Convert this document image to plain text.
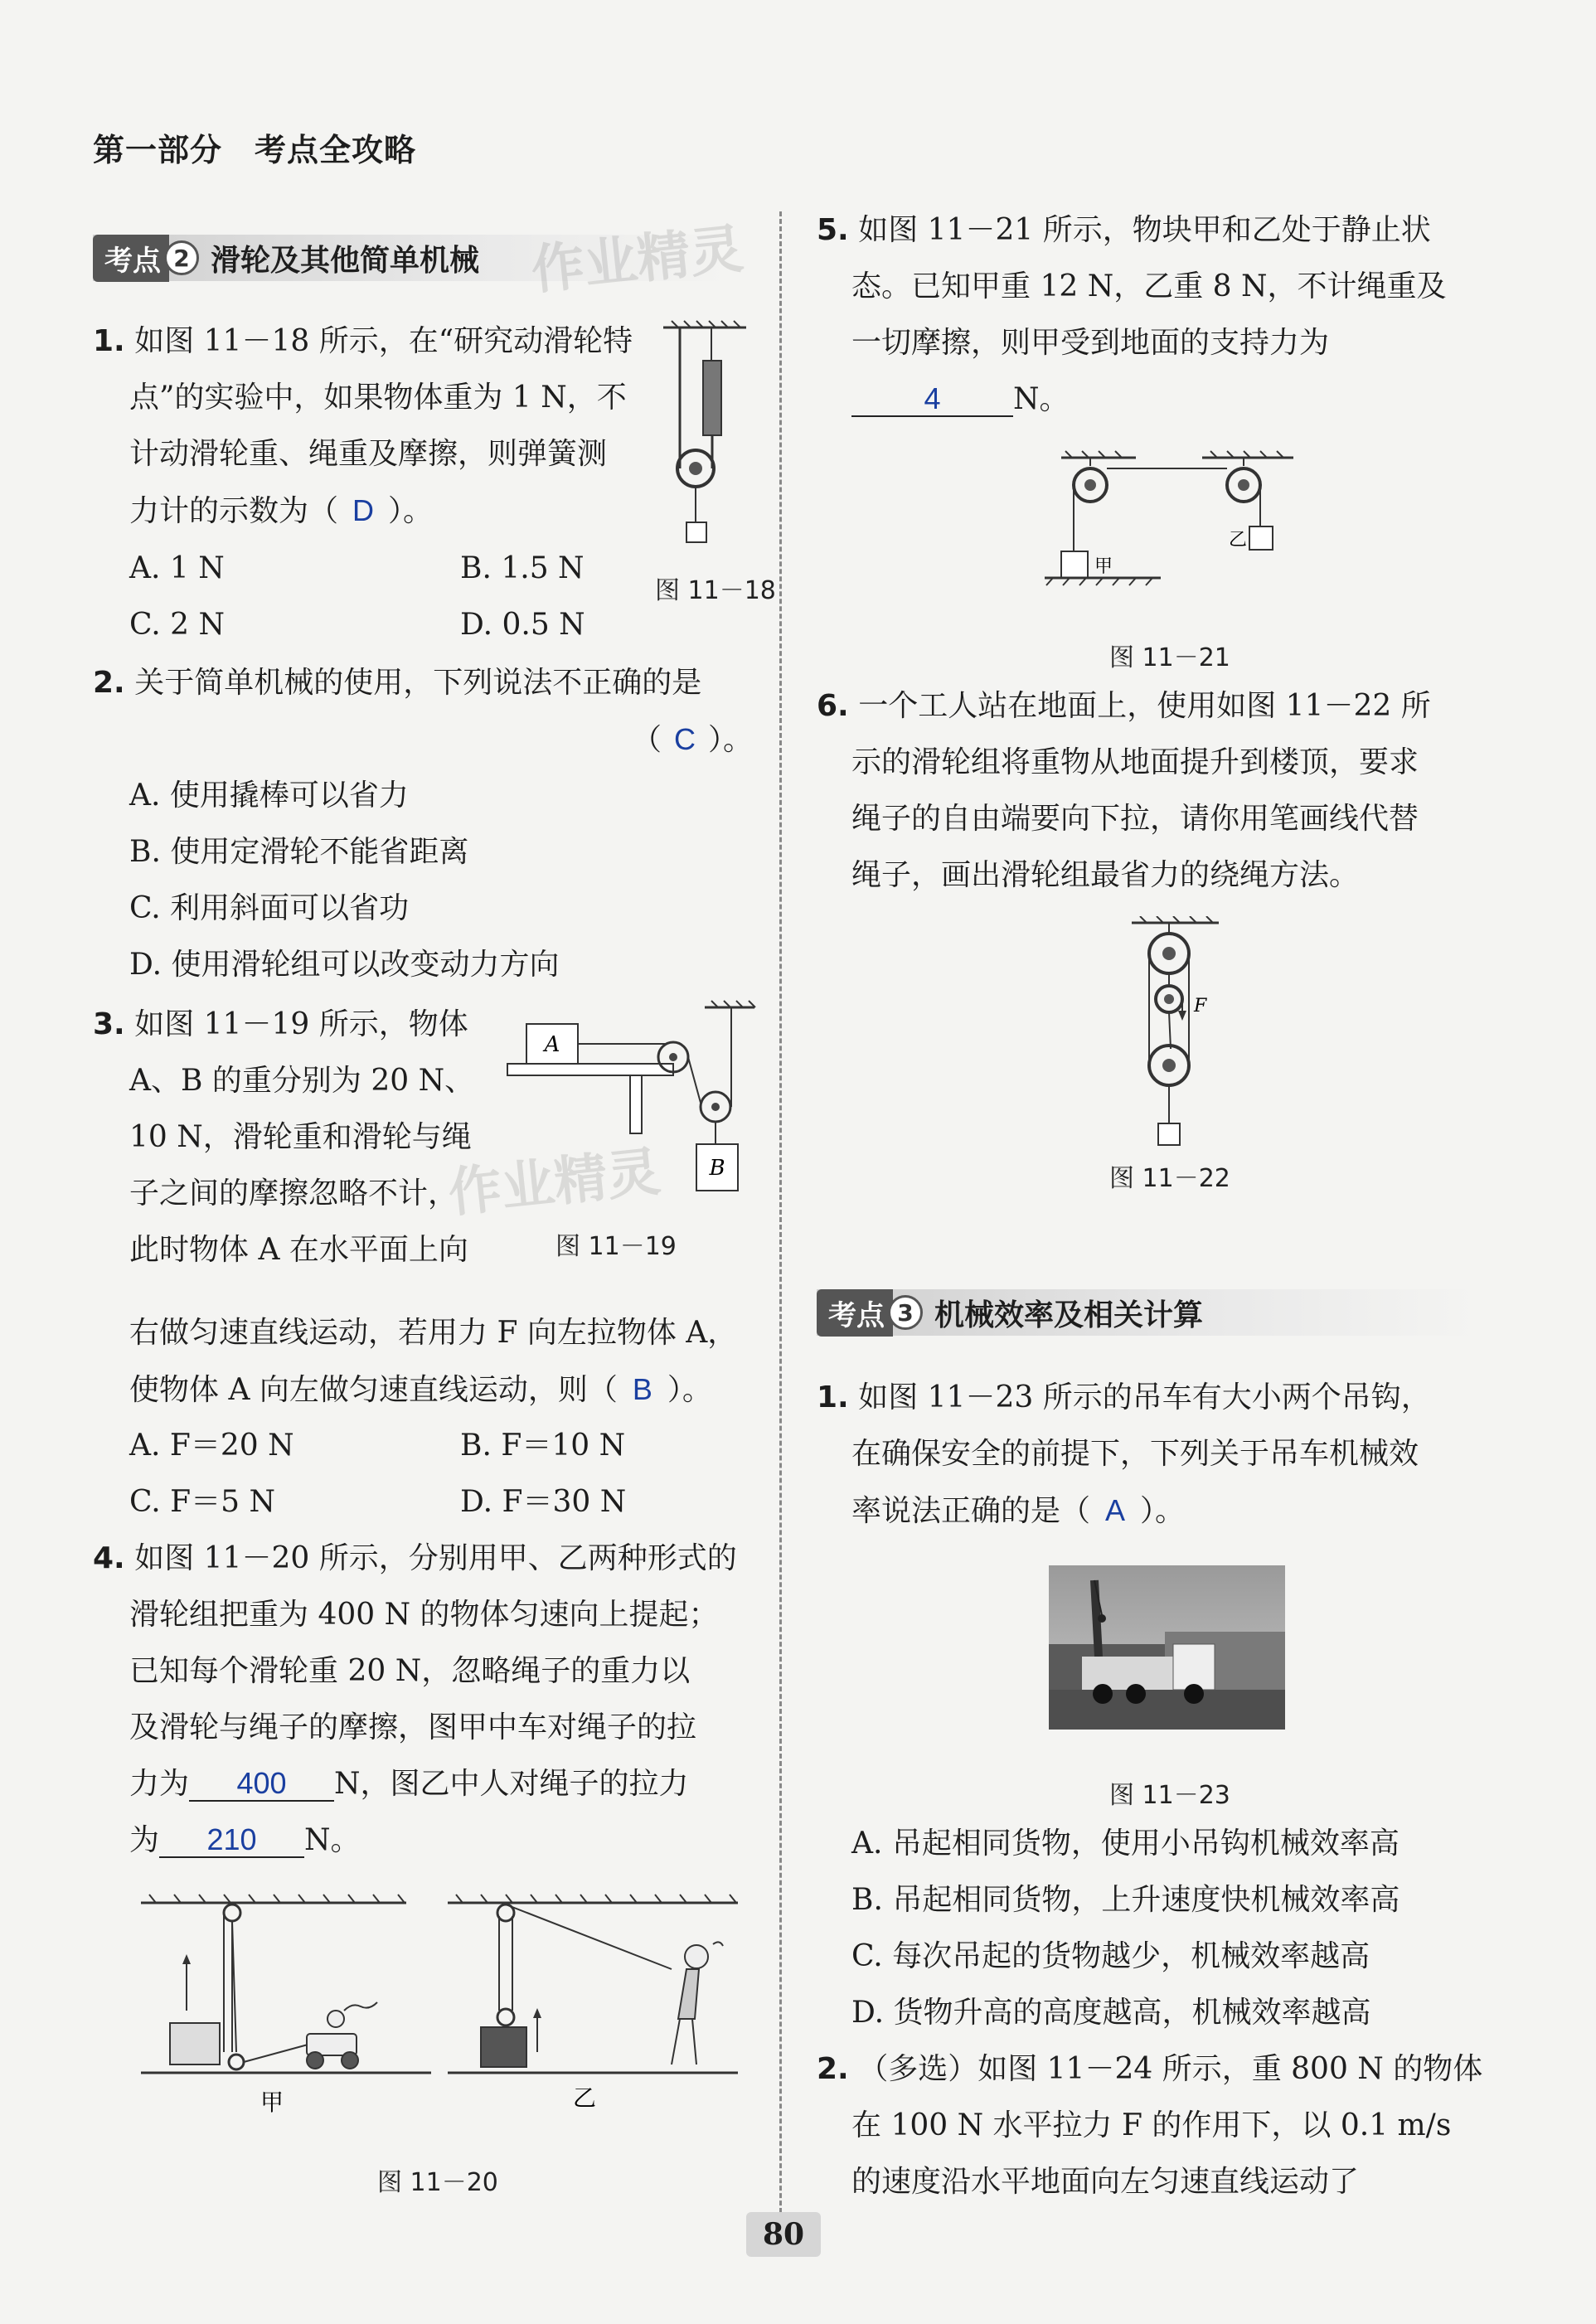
第一部分　考点全攻略
考点 2 滑轮及其他简单机械 作业精灵
1. 如图 11－18 所示，在“研究动滑轮特
点”的实验中，如果物体重为 1 N，不
计动滑轮重、绳重及摩擦，则弹簧测
力计的示数为（ D ）。
A. 1 N	B. 1.5 N
C. 2 N	D. 0.5 N
图 11－18
2. 关于简单机械的使用，下列说法不正确的是
（ C ）。
A. 使用撬棒可以省力
B. 使用定滑轮不能省距离
C. 利用斜面可以省功
D. 使用滑轮组可以改变动力方向
3. 如图 11－19 所示，物体
A、B 的重分别为 20 N、
10 N，滑轮重和滑轮与绳
子之间的摩擦忽略不计，
此时物体 A 在水平面上向
右做匀速直线运动，若用力 F 向左拉物体 A，
使物体 A 向左做匀速直线运动，则（ B ）。
A. F＝20 N	B. F＝10 N
C. F＝5 N	D. F＝30 N
A
B
图 11－19
作业精灵
4. 如图 11－20 所示，分别用甲、乙两种形式的
滑轮组把重为 400 N 的物体匀速向上提起；
已知每个滑轮重 20 N，忽略绳子的重力以
及滑轮与绳子的摩擦，图甲中车对绳子的拉
力为 400 N，图乙中人对绳子的拉力
为 210 N。
甲	乙
图 11－20
5. 如图 11－21 所示，物块甲和乙处于静止状
态。已知甲重 12 N，乙重 8 N，不计绳重及
一切摩擦，则甲受到地面的支持力为
4 N。
甲
乙
图 11－21
6. 一个工人站在地面上，使用如图 11－22 所
示的滑轮组将重物从地面提升到楼顶，要求
绳子的自由端要向下拉，请你用笔画线代替
绳子，画出滑轮组最省力的绕绳方法。
F
图 11－22
考点 3 机械效率及相关计算
1. 如图 11－23 所示的吊车有大小两个吊钩，
在确保安全的前提下，下列关于吊车机械效
率说法正确的是（ A ）。
图 11－23
A. 吊起相同货物，使用小吊钩机械效率高
B. 吊起相同货物，上升速度快机械效率高
C. 每次吊起的货物越少，机械效率越高
D. 货物升高的高度越高，机械效率越高
2. （多选）如图 11－24 所示，重 800 N 的物体
在 100 N 水平拉力 F 的作用下，以 0.1 m/s
的速度沿水平地面向左匀速直线运动了
80
